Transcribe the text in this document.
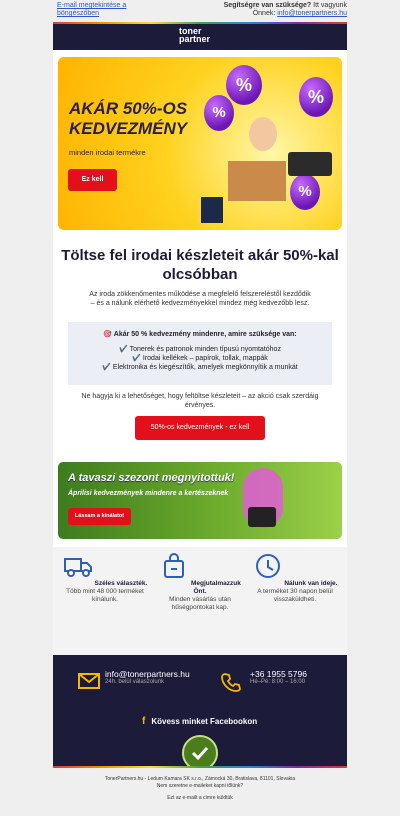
E-mail megtekintése a böngészőben
Segítségre van szüksége? Itt vagyunk
Önnek: info@tonerpartners.hu
toner
partner
%
%
%
%
AKÁR 50%-OS
KEDVEZMÉNY
minden irodai termékre
Ez kell
Töltse fel irodai készleteit akár 50%-kal olcsóbban
Az iroda zökkenőmentes működése a megfelelő felszereléstől kezdődik – és a nálunk elérhető kedvezményekkel mindez még kedvezőbb lesz.
🎯 Akár 50 % kedvezmény mindenre, amire szüksége van:
✔️ Tonerek és patronok minden típusú nyomtatóhoz
✔️ Irodai kellékek – papírok, tollak, mappák
✔️ Elektronika és kiegészítők, amelyek megkönnyítik a munkát
Ne hagyja ki a lehetőséget, hogy feltöltse készleteit – az akció csak szerdáig érvényes.
50%-os kedvezmények - ez kell
A tavaszi szezont megnyitottuk!
Áprilisi kedvezmények mindenre a kertészeknek
Lássam a kínálatot
Széles választék. Több mint 48 000 terméket kínálunk.
Megjutalmazzuk Önt.
Minden vásárlás után hűségpontokat kap.
Nálunk van ideje. A terméket 30 napon belül visszaküldheti.
info@tonerpartners.hu
24h. belül válaszolunk
+36 1955 5796
Hé–Pé: 8:00 – 16:00
f Kövess minket Facebookon
TonerPartners.hu - Ledum Kamara SK s.r.o., Zámocká 30, Bratislava, 81101, Slovakia
Nem szeretne e-maileket kapni tőlünk?
Ezt az e-mailt a címre küldtük
